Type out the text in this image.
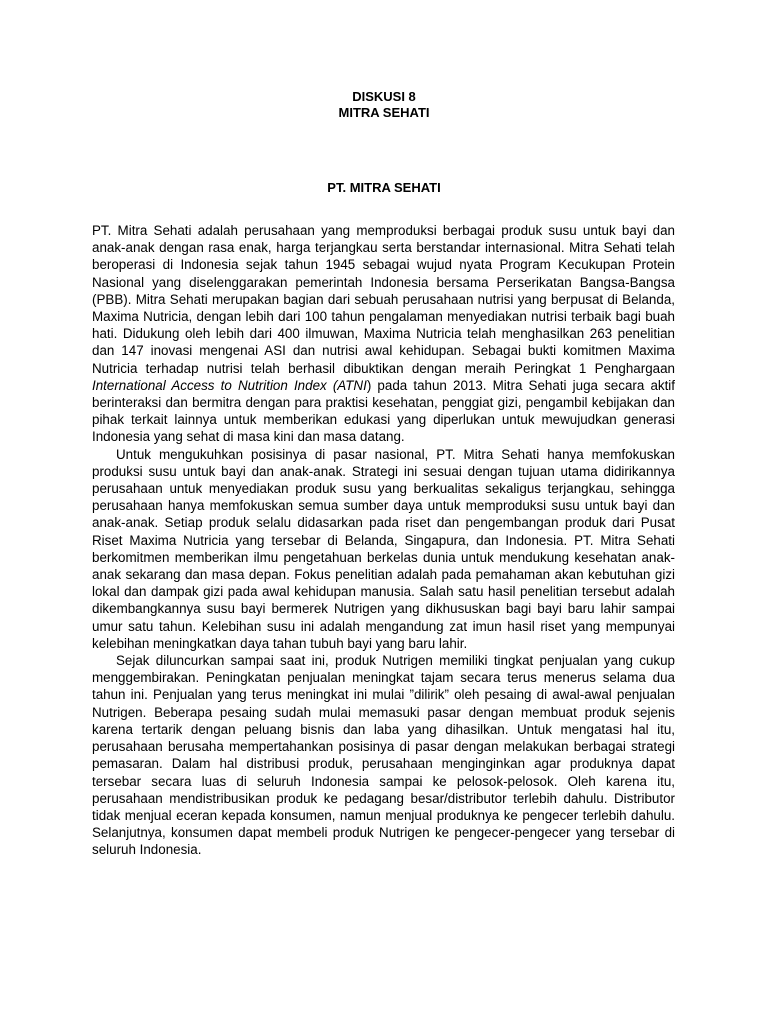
DISKUSI 8

MITRA SEHATI

PT. MITRA SEHATI

PT. Mitra Sehati adalah perusahaan yang memproduksi berbagai produk susu untuk bayi dan anak-anak dengan rasa enak, harga terjangkau serta berstandar internasional. Mitra Sehati telah beroperasi di Indonesia sejak tahun 1945 sebagai wujud nyata Program Kecukupan Protein Nasional yang diselenggarakan pemerintah Indonesia bersama Perserikatan Bangsa-Bangsa (PBB). Mitra Sehati merupakan bagian dari sebuah perusahaan nutrisi yang berpusat di Belanda, Maxima Nutricia, dengan lebih dari 100 tahun pengalaman menyediakan nutrisi terbaik bagi buah hati. Didukung oleh lebih dari 400 ilmuwan, Maxima Nutricia telah menghasilkan 263 penelitian dan 147 inovasi mengenai ASI dan nutrisi awal kehidupan. Sebagai bukti komitmen Maxima Nutricia terhadap nutrisi telah berhasil dibuktikan dengan meraih Peringkat 1 Penghargaan International Access to Nutrition Index (ATNI) pada tahun 2013. Mitra Sehati juga secara aktif berinteraksi dan bermitra dengan para praktisi kesehatan, penggiat gizi, pengambil kebijakan dan pihak terkait lainnya untuk memberikan edukasi yang diperlukan untuk mewujudkan generasi Indonesia yang sehat di masa kini dan masa datang.

Untuk mengukuhkan posisinya di pasar nasional, PT. Mitra Sehati hanya memfokuskan produksi susu untuk bayi dan anak-anak. Strategi ini sesuai dengan tujuan utama didirikannya perusahaan untuk menyediakan produk susu yang berkualitas sekaligus terjangkau, sehingga perusahaan hanya memfokuskan semua sumber daya untuk memproduksi susu untuk bayi dan anak-anak. Setiap produk selalu didasarkan pada riset dan pengembangan produk dari Pusat Riset Maxima Nutricia yang tersebar di Belanda, Singapura, dan Indonesia. PT. Mitra Sehati berkomitmen memberikan ilmu pengetahuan berkelas dunia untuk mendukung kesehatan anak-anak sekarang dan masa depan. Fokus penelitian adalah pada pemahaman akan kebutuhan gizi lokal dan dampak gizi pada awal kehidupan manusia. Salah satu hasil penelitian tersebut adalah dikembangkannya susu bayi bermerek Nutrigen yang dikhususkan bagi bayi baru lahir sampai umur satu tahun. Kelebihan susu ini adalah mengandung zat imun hasil riset yang mempunyai kelebihan meningkatkan daya tahan tubuh bayi yang baru lahir.

Sejak diluncurkan sampai saat ini, produk Nutrigen memiliki tingkat penjualan yang cukup menggembirakan. Peningkatan penjualan meningkat tajam secara terus menerus selama dua tahun ini. Penjualan yang terus meningkat ini mulai ”dilirik” oleh pesaing di awal-awal penjualan Nutrigen. Beberapa pesaing sudah mulai memasuki pasar dengan membuat produk sejenis karena tertarik dengan peluang bisnis dan laba yang dihasilkan. Untuk mengatasi hal itu, perusahaan berusaha mempertahankan posisinya di pasar dengan melakukan berbagai strategi pemasaran. Dalam hal distribusi produk, perusahaan menginginkan agar produknya dapat tersebar secara luas di seluruh Indonesia sampai ke pelosok-pelosok. Oleh karena itu, perusahaan mendistribusikan produk ke pedagang besar/distributor terlebih dahulu. Distributor tidak menjual eceran kepada konsumen, namun menjual produknya ke pengecer terlebih dahulu. Selanjutnya, konsumen dapat membeli produk Nutrigen ke pengecer-pengecer yang tersebar di seluruh Indonesia.
